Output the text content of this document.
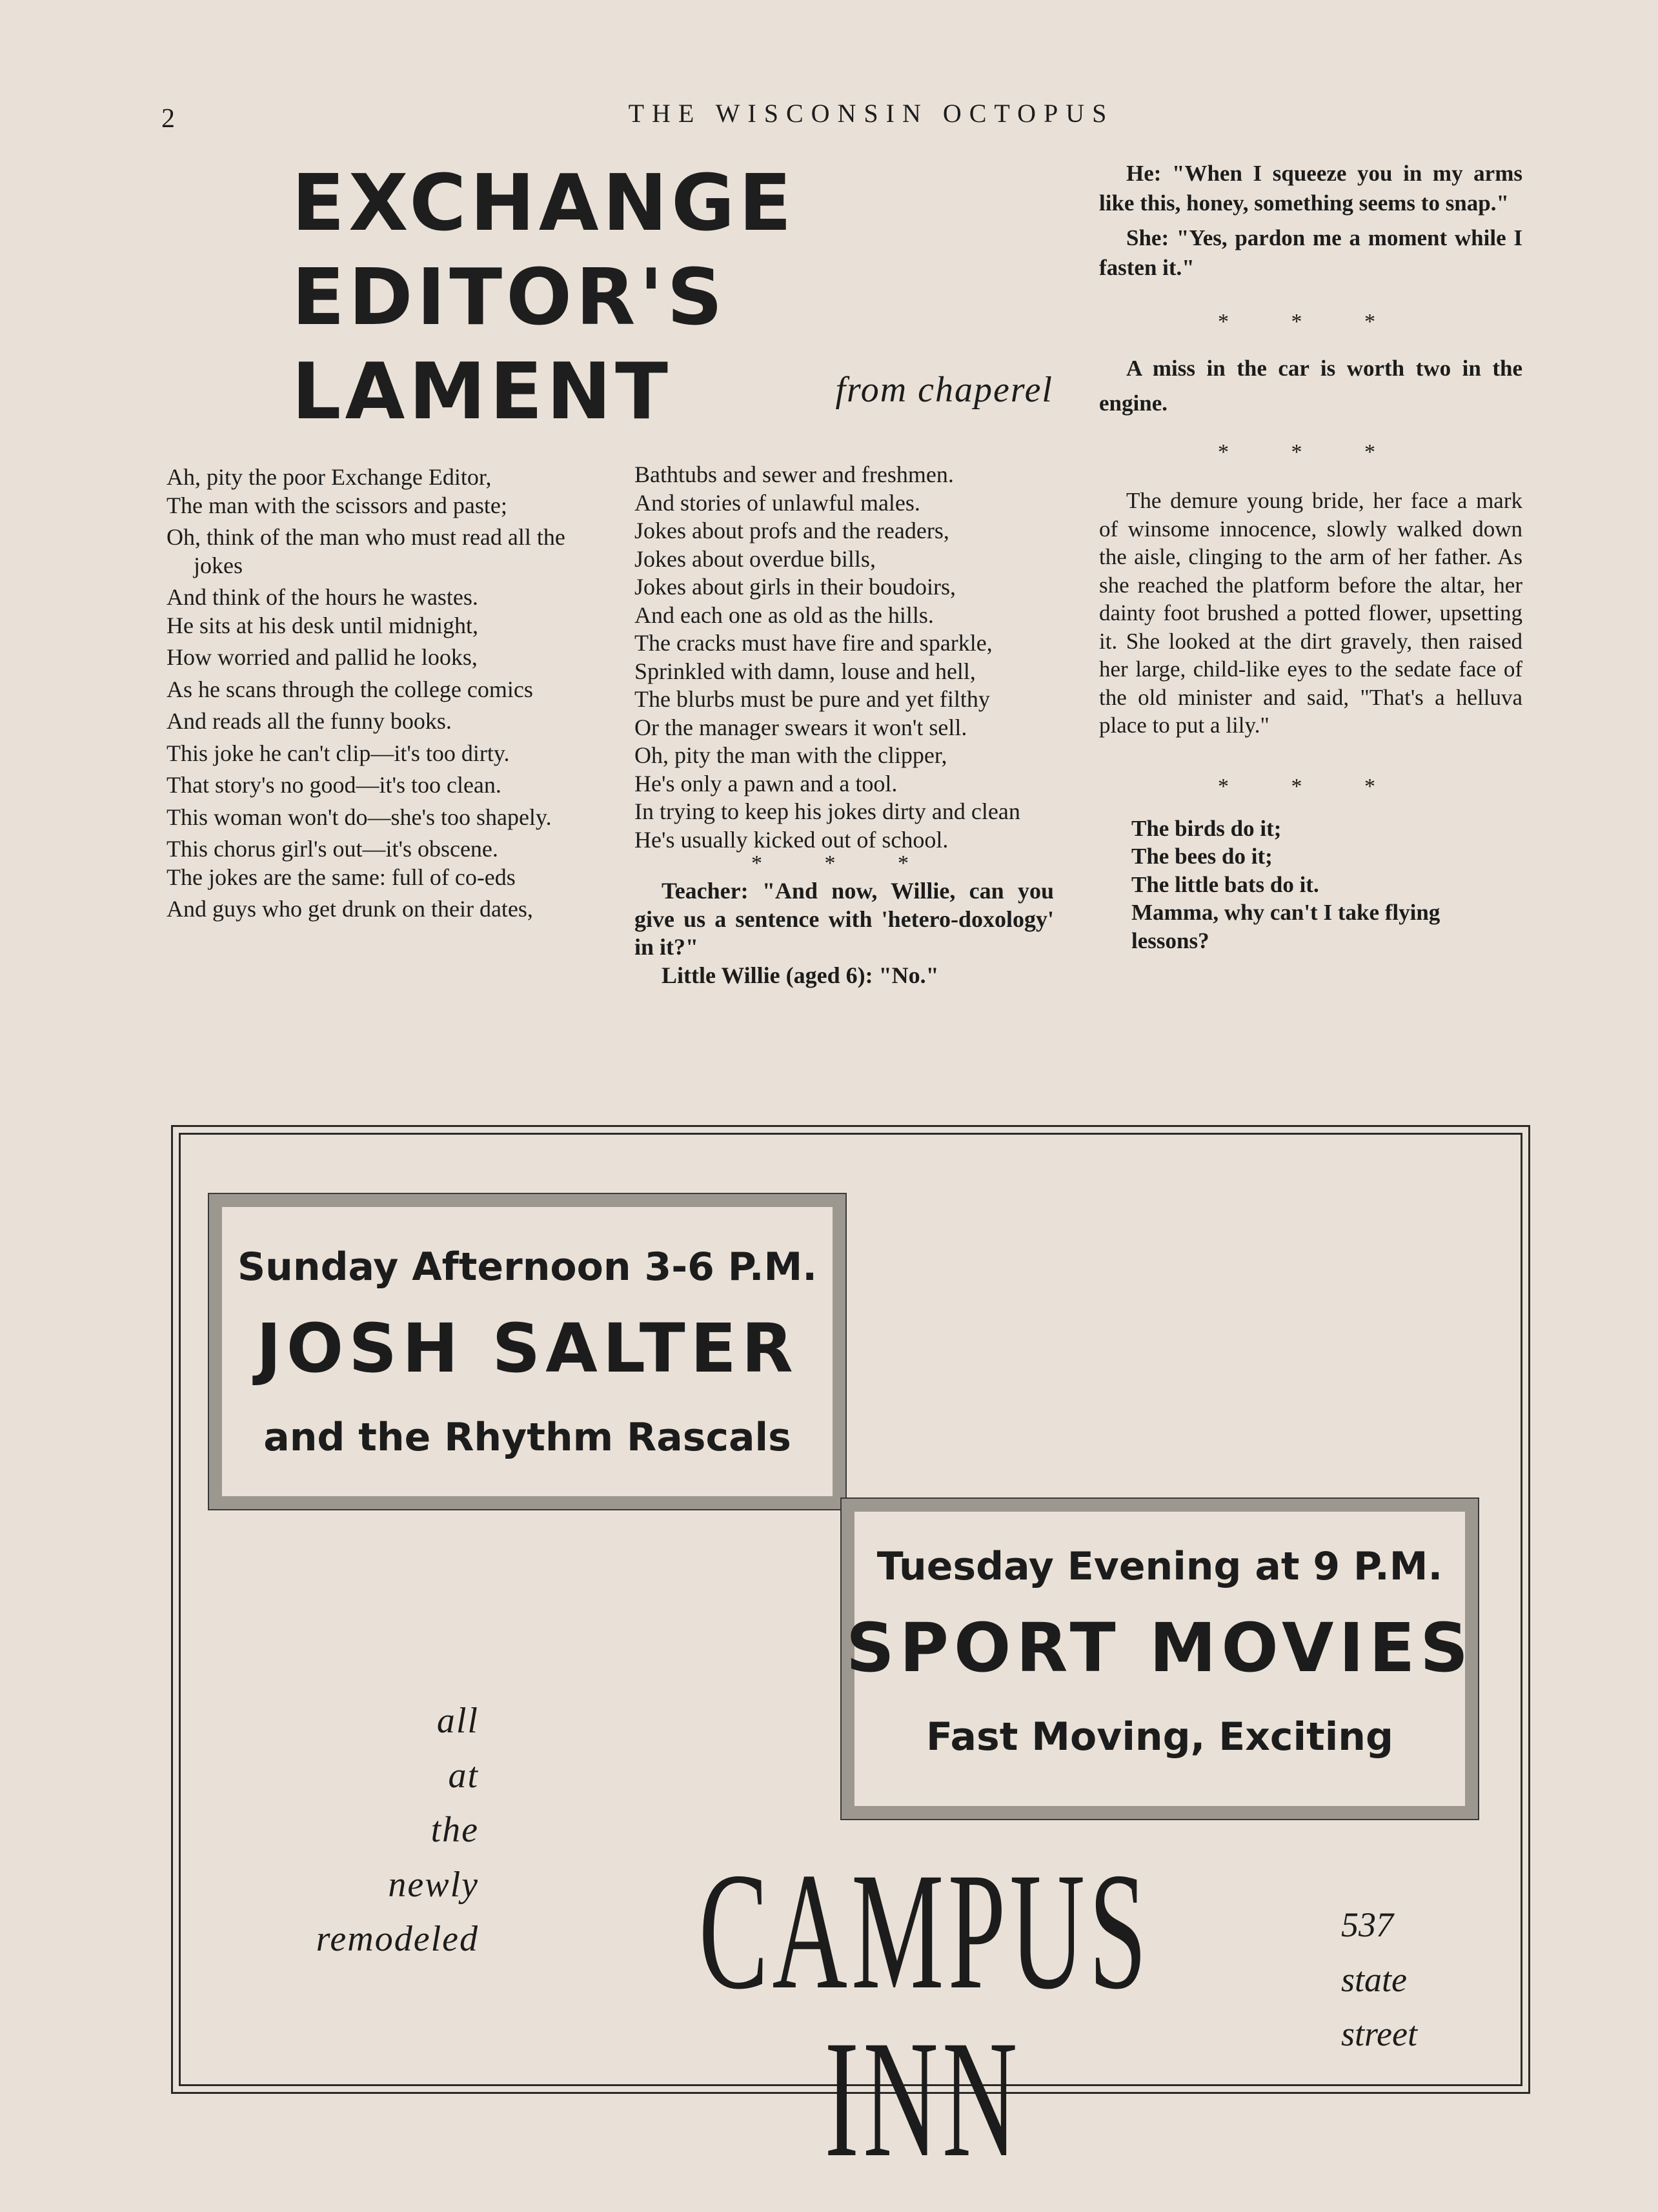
2	THE WISCONSIN OCTOPUS
EXCHANGE
EDITOR'S
LAMENT	from chaperel

Ah, pity the poor Exchange Editor,

The man with the scissors and paste;

Oh, think of the man who must read all the jokes

And think of the hours he wastes.

He sits at his desk until midnight,

How worried and pallid he looks,

As he scans through the college comics

And reads all the funny books.

This joke he can't clip—it's too dirty.

That story's no good—it's too clean.

This woman won't do—she's too shapely.

This chorus girl's out—it's obscene.

The jokes are the same: full of co-eds

And guys who get drunk on their dates,

Bathtubs and sewer and freshmen.

And stories of unlawful males.

Jokes about profs and the readers,

Jokes about overdue bills,

Jokes about girls in their boudoirs,

And each one as old as the hills.

The cracks must have fire and sparkle,

Sprinkled with damn, louse and hell,

The blurbs must be pure and yet filthy

Or the manager swears it won't sell.

Oh, pity the man with the clipper,

He's only a pawn and a tool.

In trying to keep his jokes dirty and clean

He's usually kicked out of school.

* * *

Teacher: "And now, Willie, can you give us a sentence with 'hetero-doxology' in it?"

Little Willie (aged 6): "No."

He: "When I squeeze you in my arms like this, honey, something seems to snap."

She: "Yes, pardon me a moment while I fasten it."

* * *

A miss in the car is worth two in the engine.

* * *

The demure young bride, her face a mark of winsome innocence, slowly walked down the aisle, clinging to the arm of her father. As she reached the platform before the altar, her dainty foot brushed a potted flower, upsetting it. She looked at the dirt gravely, then raised her large, child-like eyes to the sedate face of the old minister and said, "That's a helluva place to put a lily."

* * *

The birds do it;

The bees do it;

The little bats do it.

Mamma, why can't I take flying lessons?

Sunday Afternoon 3-6 P.M.
JOSH SALTER
and the Rhythm Rascals
Tuesday Evening at 9 P.M.
SPORT MOVIES
Fast Moving, Exciting
all
at
the
newly
remodeled CAMPUS INN
537
state
street
